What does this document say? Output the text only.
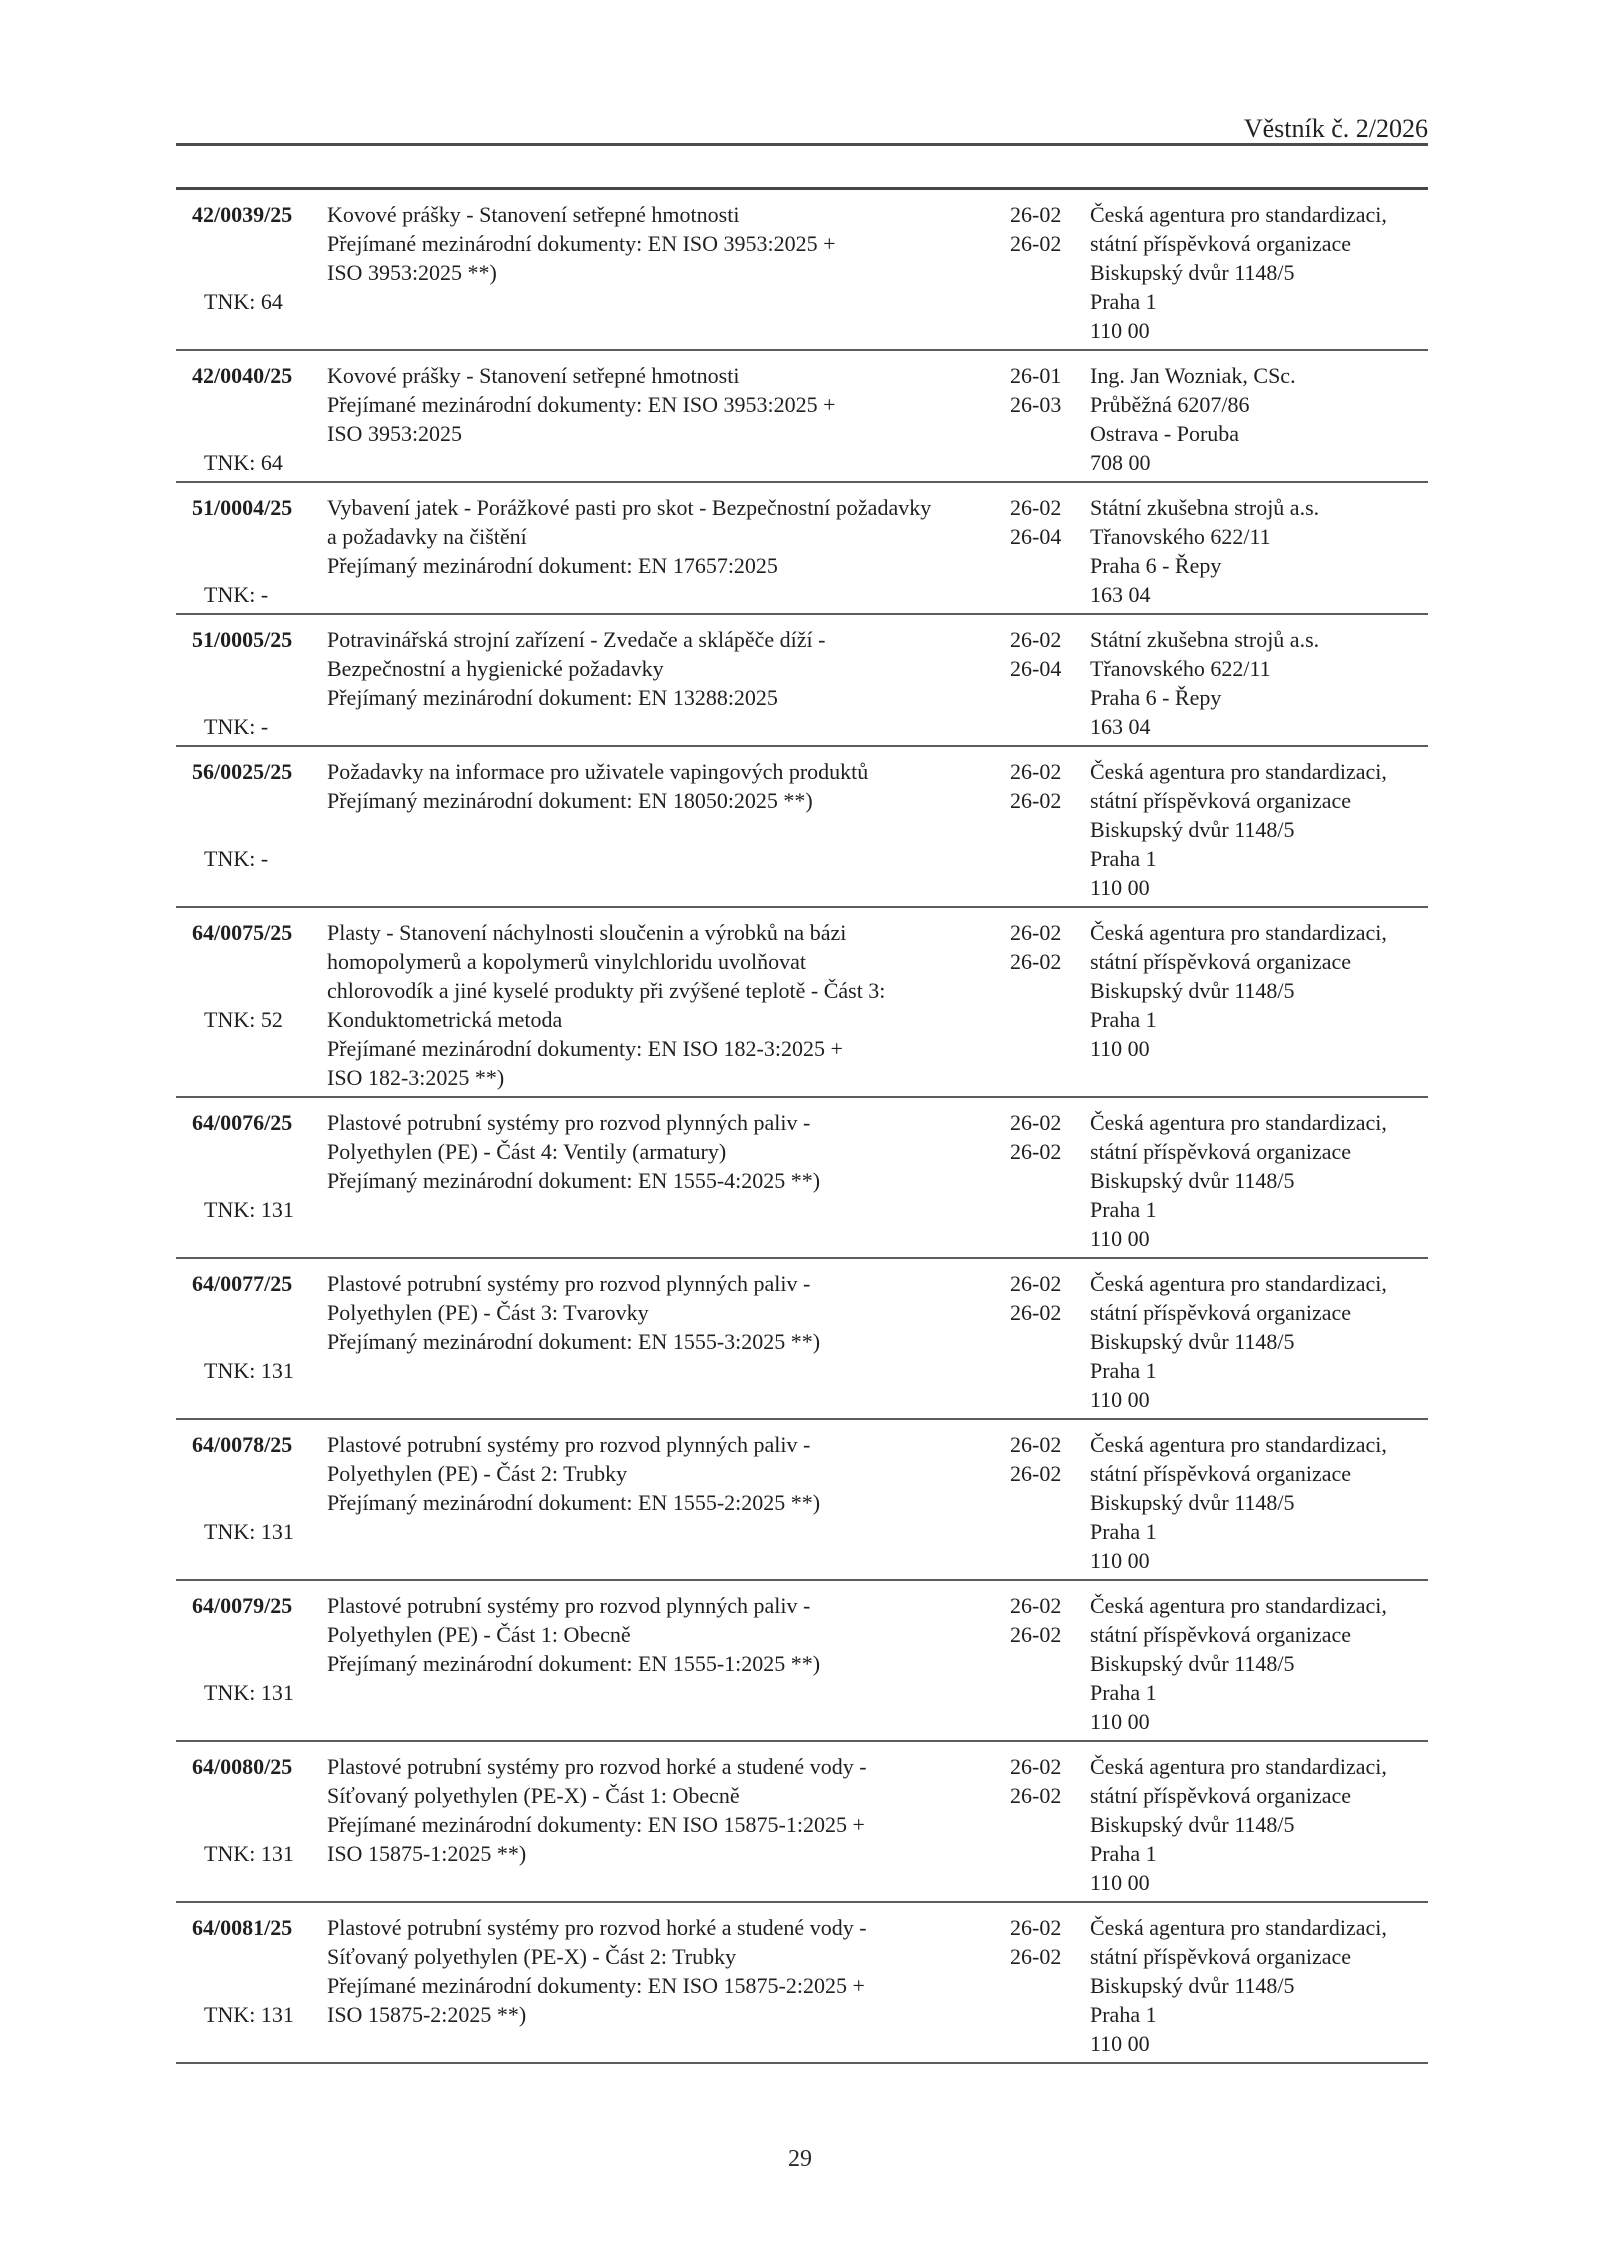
Věstník č. 2/2026
42/0039/25
TNK: 64
Kovové prášky - Stanovení setřepné hmotnosti
Přejímané mezinárodní dokumenty: EN ISO 3953:2025 +
ISO 3953:2025 **)
26-02
26-02
Česká agentura pro standardizaci,
státní příspěvková organizace
Biskupský dvůr 1148/5
Praha 1
110 00
42/0040/25
TNK: 64
Kovové prášky - Stanovení setřepné hmotnosti
Přejímané mezinárodní dokumenty: EN ISO 3953:2025 +
ISO 3953:2025
26-01
26-03
Ing. Jan Wozniak, CSc.
Průběžná 6207/86
Ostrava - Poruba
708 00
51/0004/25
TNK: -
Vybavení jatek - Porážkové pasti pro skot - Bezpečnostní požadavky
a požadavky na čištění
Přejímaný mezinárodní dokument: EN 17657:2025
26-02
26-04
Státní zkušebna strojů a.s.
Třanovského 622/11
Praha 6 - Řepy
163 04
51/0005/25
TNK: -
Potravinářská strojní zařízení - Zvedače a sklápěče díží -
Bezpečnostní a hygienické požadavky
Přejímaný mezinárodní dokument: EN 13288:2025
26-02
26-04
Státní zkušebna strojů a.s.
Třanovského 622/11
Praha 6 - Řepy
163 04
56/0025/25
TNK: -
Požadavky na informace pro uživatele vapingových produktů
Přejímaný mezinárodní dokument: EN 18050:2025 **)
26-02
26-02
Česká agentura pro standardizaci,
státní příspěvková organizace
Biskupský dvůr 1148/5
Praha 1
110 00
64/0075/25
TNK: 52
Plasty - Stanovení náchylnosti sloučenin a výrobků na bázi
homopolymerů a kopolymerů vinylchloridu uvolňovat
chlorovodík a jiné kyselé produkty při zvýšené teplotě - Část 3:
Konduktometrická metoda
Přejímané mezinárodní dokumenty: EN ISO 182-3:2025 +
ISO 182-3:2025 **)
26-02
26-02
Česká agentura pro standardizaci,
státní příspěvková organizace
Biskupský dvůr 1148/5
Praha 1
110 00
64/0076/25
TNK: 131
Plastové potrubní systémy pro rozvod plynných paliv -
Polyethylen (PE) - Část 4: Ventily (armatury)
Přejímaný mezinárodní dokument: EN 1555-4:2025 **)
26-02
26-02
Česká agentura pro standardizaci,
státní příspěvková organizace
Biskupský dvůr 1148/5
Praha 1
110 00
64/0077/25
TNK: 131
Plastové potrubní systémy pro rozvod plynných paliv -
Polyethylen (PE) - Část 3: Tvarovky
Přejímaný mezinárodní dokument: EN 1555-3:2025 **)
26-02
26-02
Česká agentura pro standardizaci,
státní příspěvková organizace
Biskupský dvůr 1148/5
Praha 1
110 00
64/0078/25
TNK: 131
Plastové potrubní systémy pro rozvod plynných paliv -
Polyethylen (PE) - Část 2: Trubky
Přejímaný mezinárodní dokument: EN 1555-2:2025 **)
26-02
26-02
Česká agentura pro standardizaci,
státní příspěvková organizace
Biskupský dvůr 1148/5
Praha 1
110 00
64/0079/25
TNK: 131
Plastové potrubní systémy pro rozvod plynných paliv -
Polyethylen (PE) - Část 1: Obecně
Přejímaný mezinárodní dokument: EN 1555-1:2025 **)
26-02
26-02
Česká agentura pro standardizaci,
státní příspěvková organizace
Biskupský dvůr 1148/5
Praha 1
110 00
64/0080/25
TNK: 131
Plastové potrubní systémy pro rozvod horké a studené vody -
Síťovaný polyethylen (PE-X) - Část 1: Obecně
Přejímané mezinárodní dokumenty: EN ISO 15875-1:2025 +
ISO 15875-1:2025 **)
26-02
26-02
Česká agentura pro standardizaci,
státní příspěvková organizace
Biskupský dvůr 1148/5
Praha 1
110 00
64/0081/25
TNK: 131
Plastové potrubní systémy pro rozvod horké a studené vody -
Síťovaný polyethylen (PE-X) - Část 2: Trubky
Přejímané mezinárodní dokumenty: EN ISO 15875-2:2025 +
ISO 15875-2:2025 **)
26-02
26-02
Česká agentura pro standardizaci,
státní příspěvková organizace
Biskupský dvůr 1148/5
Praha 1
110 00
29
